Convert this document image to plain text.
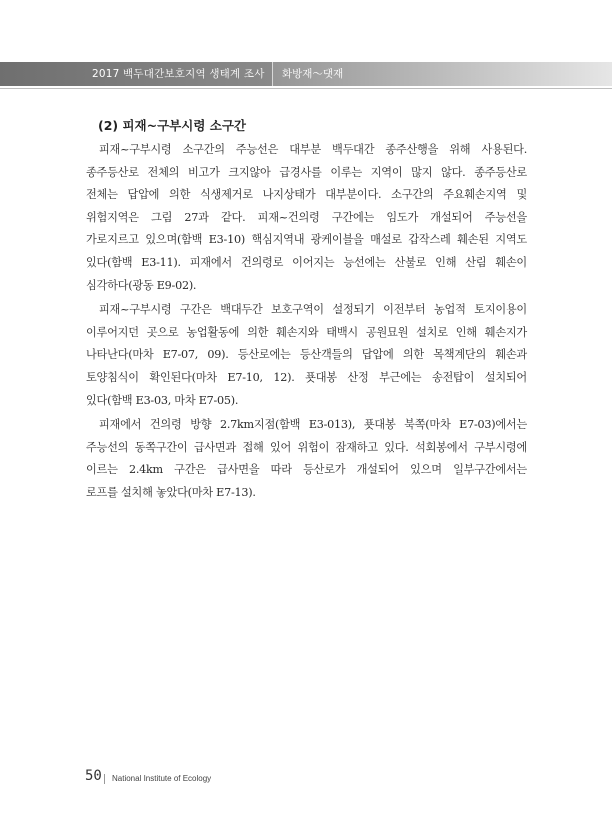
2017 백두대간보호지역 생태계 조사 화방재～댓재
(2) 피재~구부시령 소구간
피재~구부시령 소구간의 주능선은 대부분 백두대간 종주산행을 위해 사용된다.
종주등산로 전체의 비고가 크지않아 급경사를 이루는 지역이 많지 않다. 종주등산로
전체는 답압에 의한 식생제거로 나지상태가 대부분이다. 소구간의 주요훼손지역 및
위험지역은 그림 27과 같다. 피재~건의령 구간에는 임도가 개설되어 주능선을
가로지르고 있으며(함백 E3-10) 핵심지역내 광케이블을 매설로 갑작스레 훼손된 지역도
있다(함백 E3-11). 피재에서 건의령로 이어지는 능선에는 산불로 인해 산림 훼손이
심각하다(광동 E9-02).
피재~구부시령 구간은 백대두간 보호구역이 설정되기 이전부터 농업적 토지이용이
이루어지던 곳으로 농업활동에 의한 훼손지와 태백시 공원묘원 설치로 인해 훼손지가
나타난다(마차 E7-07, 09). 등산로에는 등산객들의 답압에 의한 목책계단의 훼손과
토양침식이 확인된다(마차 E7-10, 12). 푯대봉 산정 부근에는 송전탑이 설치되어
있다(함백 E3-03, 마차 E7-05).
피재에서 건의령 방향 2.7km지점(함백 E3-013), 푯대봉 북쪽(마차 E7-03)에서는
주능선의 동쪽구간이 급사면과 접해 있어 위험이 잠재하고 있다. 석회봉에서 구부시령에
이르는 2.4km 구간은 급사면을 따라 등산로가 개설되어 있으며 일부구간에서는
로프를 설치해 놓았다(마차 E7-13).
50 National Institute of Ecology
